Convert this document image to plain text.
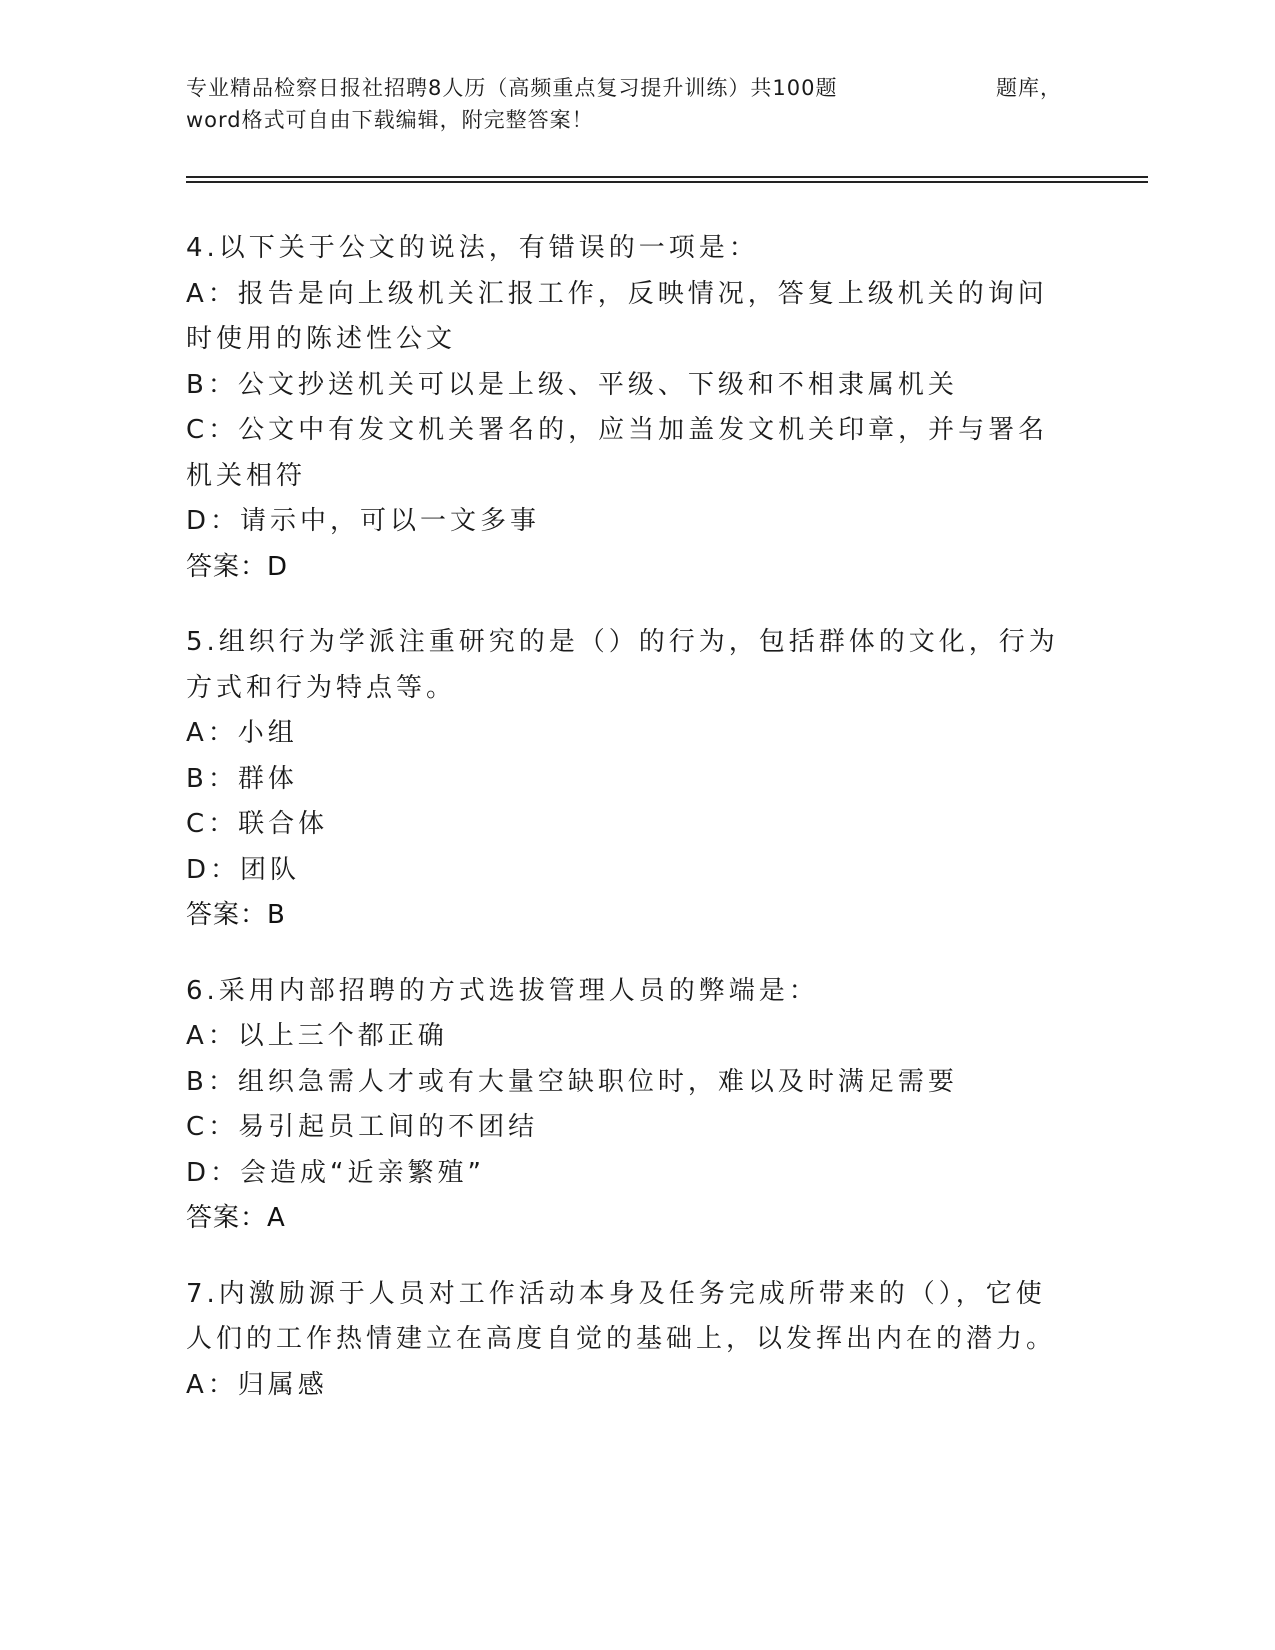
专业精品检察日报社招聘8人历（高频重点复习提升训练）共100题	题库，
word格式可自由下载编辑，附完整答案！

4.以下关于公文的说法，有错误的一项是：

A：报告是向上级机关汇报工作，反映情况，答复上级机关的询问时使用的陈述性公文

B：公文抄送机关可以是上级、平级、下级和不相隶属机关

C：公文中有发文机关署名的，应当加盖发文机关印章，并与署名机关相符

D：请示中，可以一文多事

答案：D

5.组织行为学派注重研究的是（）的行为，包括群体的文化，行为方式和行为特点等。

A：小组

B：群体

C：联合体

D：团队

答案：B

6.采用内部招聘的方式选拔管理人员的弊端是：

A：以上三个都正确

B：组织急需人才或有大量空缺职位时，难以及时满足需要

C：易引起员工间的不团结

D：会造成“近亲繁殖”

答案：A

7.内激励源于人员对工作活动本身及任务完成所带来的（），它使人们的工作热情建立在高度自觉的基础上，以发挥出内在的潜力。

A：归属感
